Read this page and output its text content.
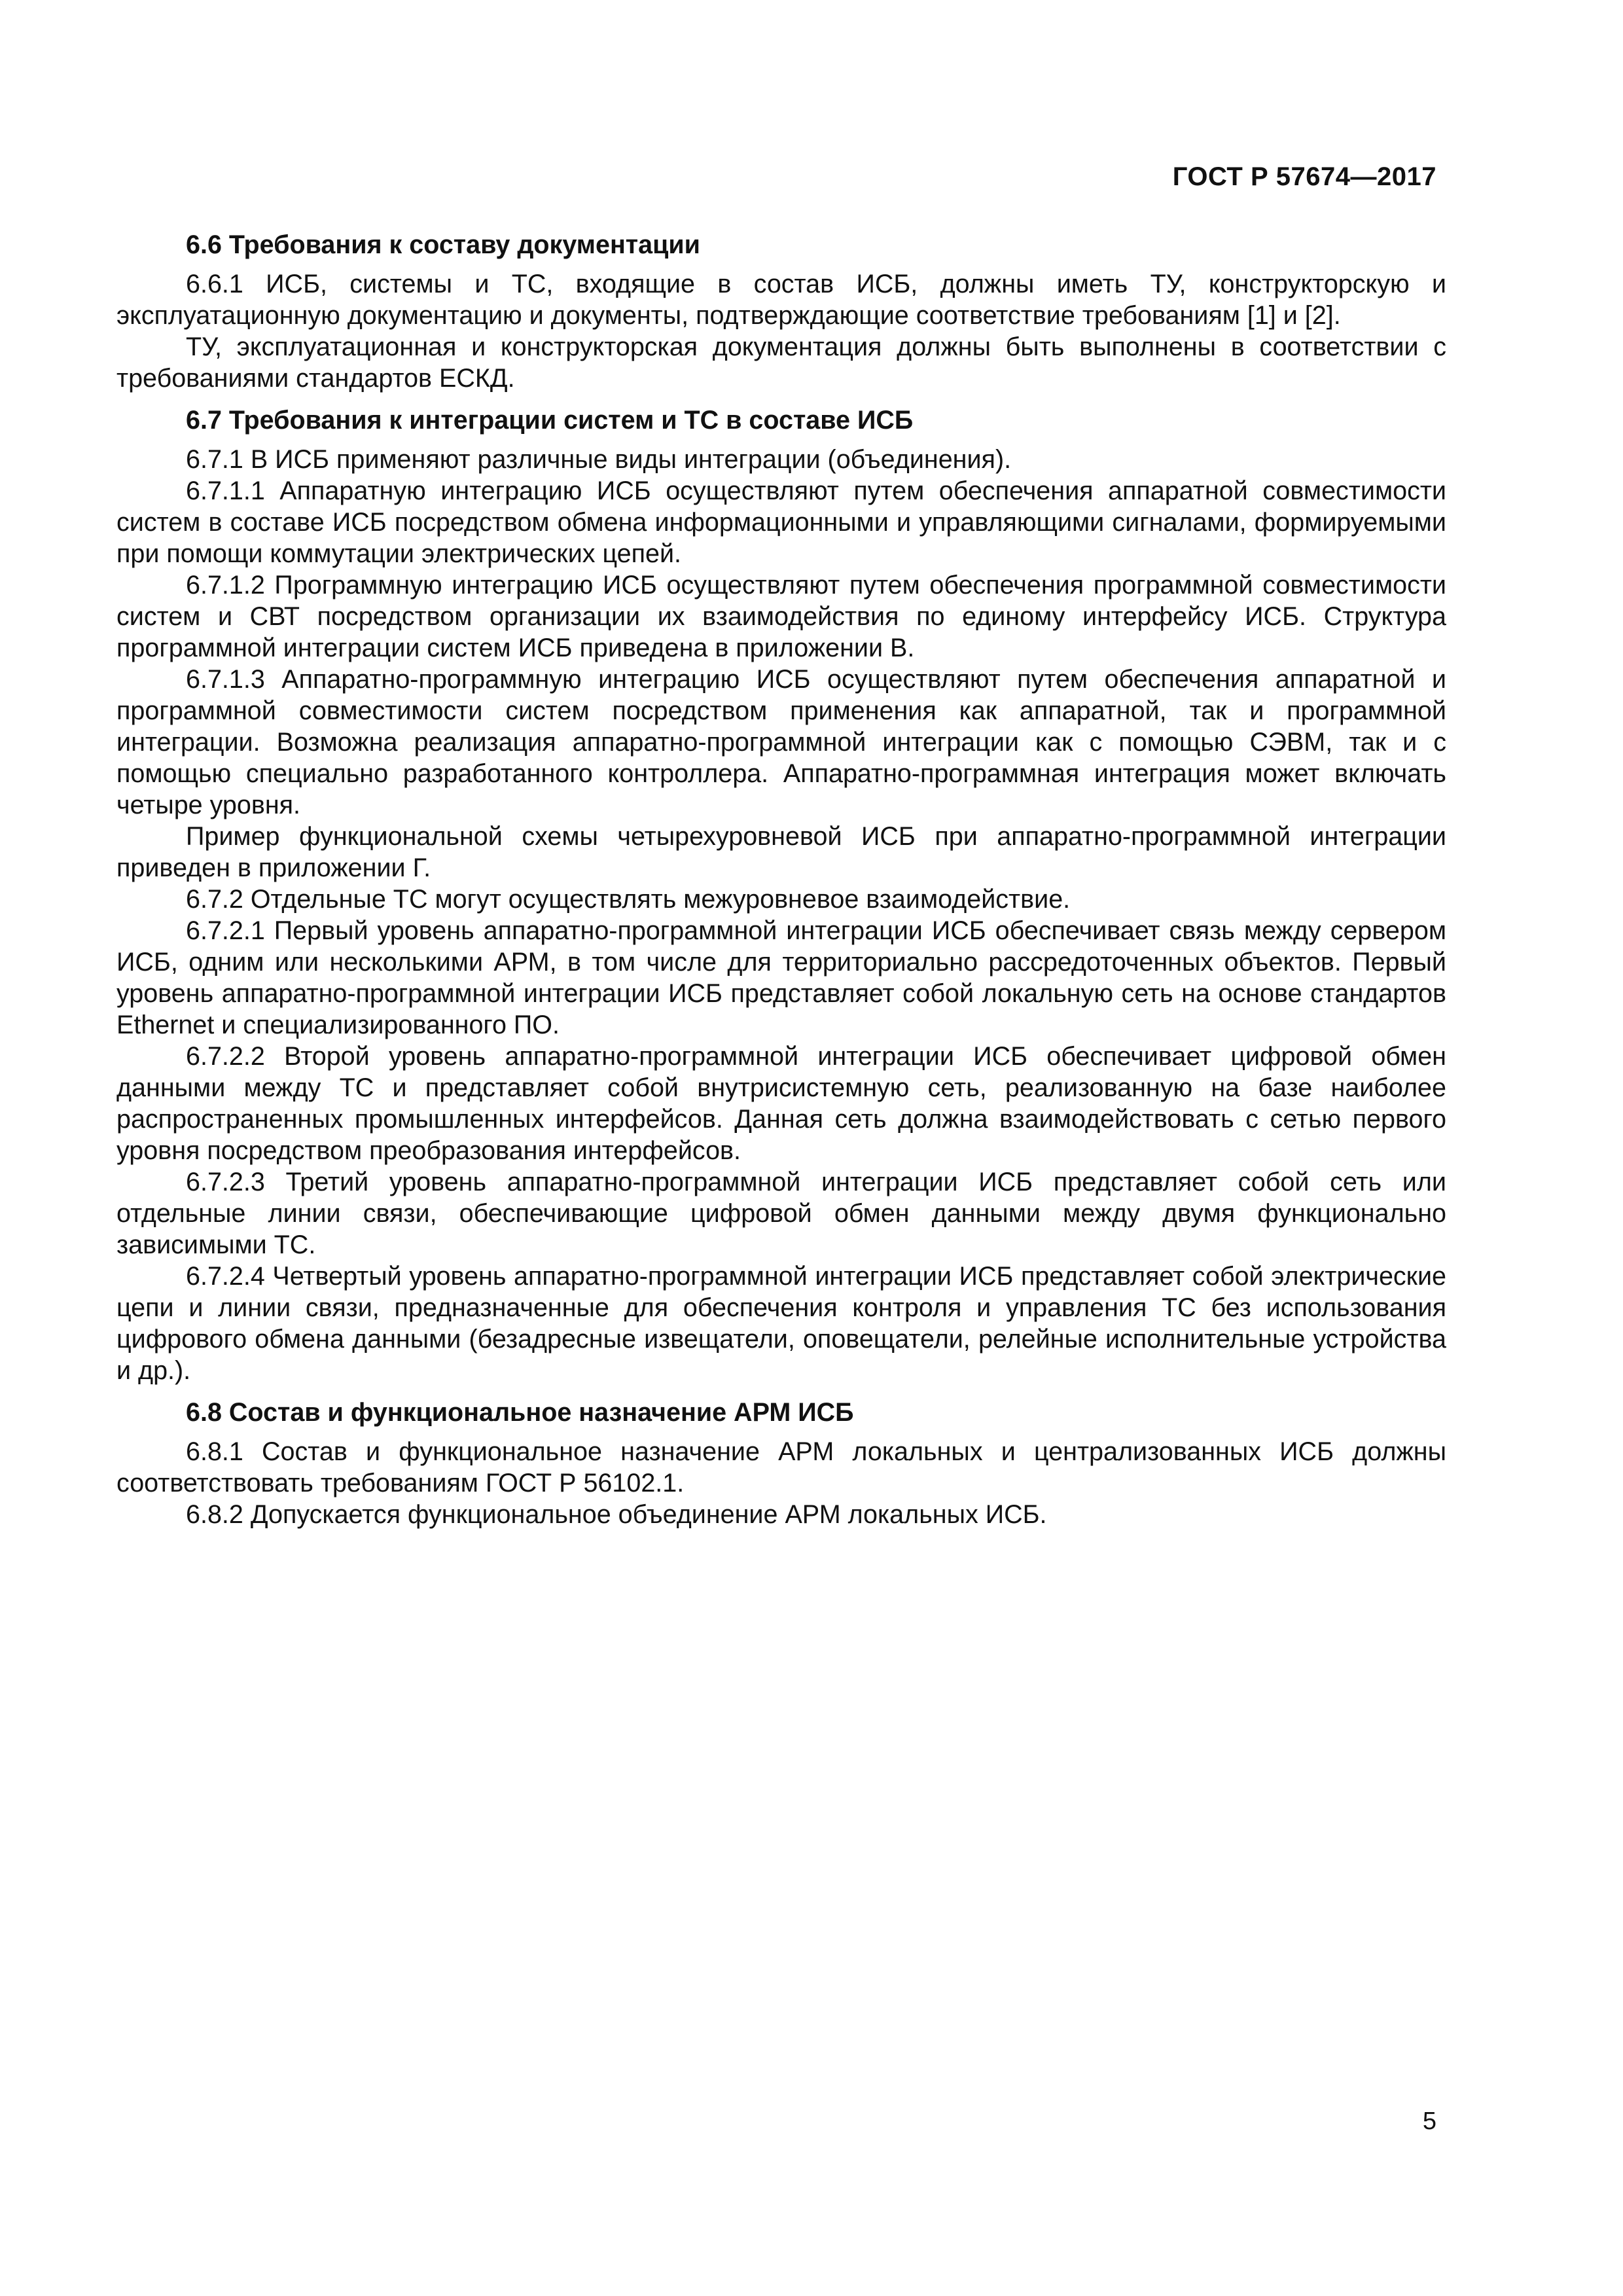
ГОСТ Р 57674—2017
6.6 Требования к составу документации

6.6.1 ИСБ, системы и ТС, входящие в состав ИСБ, должны иметь ТУ, конструкторскую и эксплуатационную документацию и документы, подтверждающие соответствие требованиям [1] и [2].

ТУ, эксплуатационная и конструкторская документация должны быть выполнены в соответствии с требованиями стандартов ЕСКД.

6.7 Требования к интеграции систем и ТС в составе ИСБ

6.7.1 В ИСБ применяют различные виды интеграции (объединения).

6.7.1.1 Аппаратную интеграцию ИСБ осуществляют путем обеспечения аппаратной совместимости систем в составе ИСБ посредством обмена информационными и управляющими сигналами, формируемыми при помощи коммутации электрических цепей.

6.7.1.2 Программную интеграцию ИСБ осуществляют путем обеспечения программной совместимости систем и СВТ посредством организации их взаимодействия по единому интерфейсу ИСБ. Структура программной интеграции систем ИСБ приведена в приложении В.

6.7.1.3 Аппаратно-программную интеграцию ИСБ осуществляют путем обеспечения аппаратной и программной совместимости систем посредством применения как аппаратной, так и программной интеграции. Возможна реализация аппаратно-программной интеграции как с помощью СЭВМ, так и с помощью специально разработанного контроллера. Аппаратно-программная интеграция может включать четыре уровня.

Пример функциональной схемы четырехуровневой ИСБ при аппаратно-программной интеграции приведен в приложении Г.

6.7.2 Отдельные ТС могут осуществлять межуровневое взаимодействие.

6.7.2.1 Первый уровень аппаратно-программной интеграции ИСБ обеспечивает связь между сервером ИСБ, одним или несколькими АРМ, в том числе для территориально рассредоточенных объектов. Первый уровень аппаратно-программной интеграции ИСБ представляет собой локальную сеть на основе стандартов Ethernet и специализированного ПО.

6.7.2.2 Второй уровень аппаратно-программной интеграции ИСБ обеспечивает цифровой обмен данными между ТС и представляет собой внутрисистемную сеть, реализованную на базе наиболее распространенных промышленных интерфейсов. Данная сеть должна взаимодействовать с сетью первого уровня посредством преобразования интерфейсов.

6.7.2.3 Третий уровень аппаратно-программной интеграции ИСБ представляет собой сеть или отдельные линии связи, обеспечивающие цифровой обмен данными между двумя функционально зависимыми ТС.

6.7.2.4 Четвертый уровень аппаратно-программной интеграции ИСБ представляет собой электрические цепи и линии связи, предназначенные для обеспечения контроля и управления ТС без использования цифрового обмена данными (безадресные извещатели, оповещатели, релейные исполнительные устройства и др.).

6.8 Состав и функциональное назначение АРМ ИСБ

6.8.1 Состав и функциональное назначение АРМ локальных и централизованных ИСБ должны соответствовать требованиям ГОСТ Р 56102.1.

6.8.2 Допускается функциональное объединение АРМ локальных ИСБ.

5
